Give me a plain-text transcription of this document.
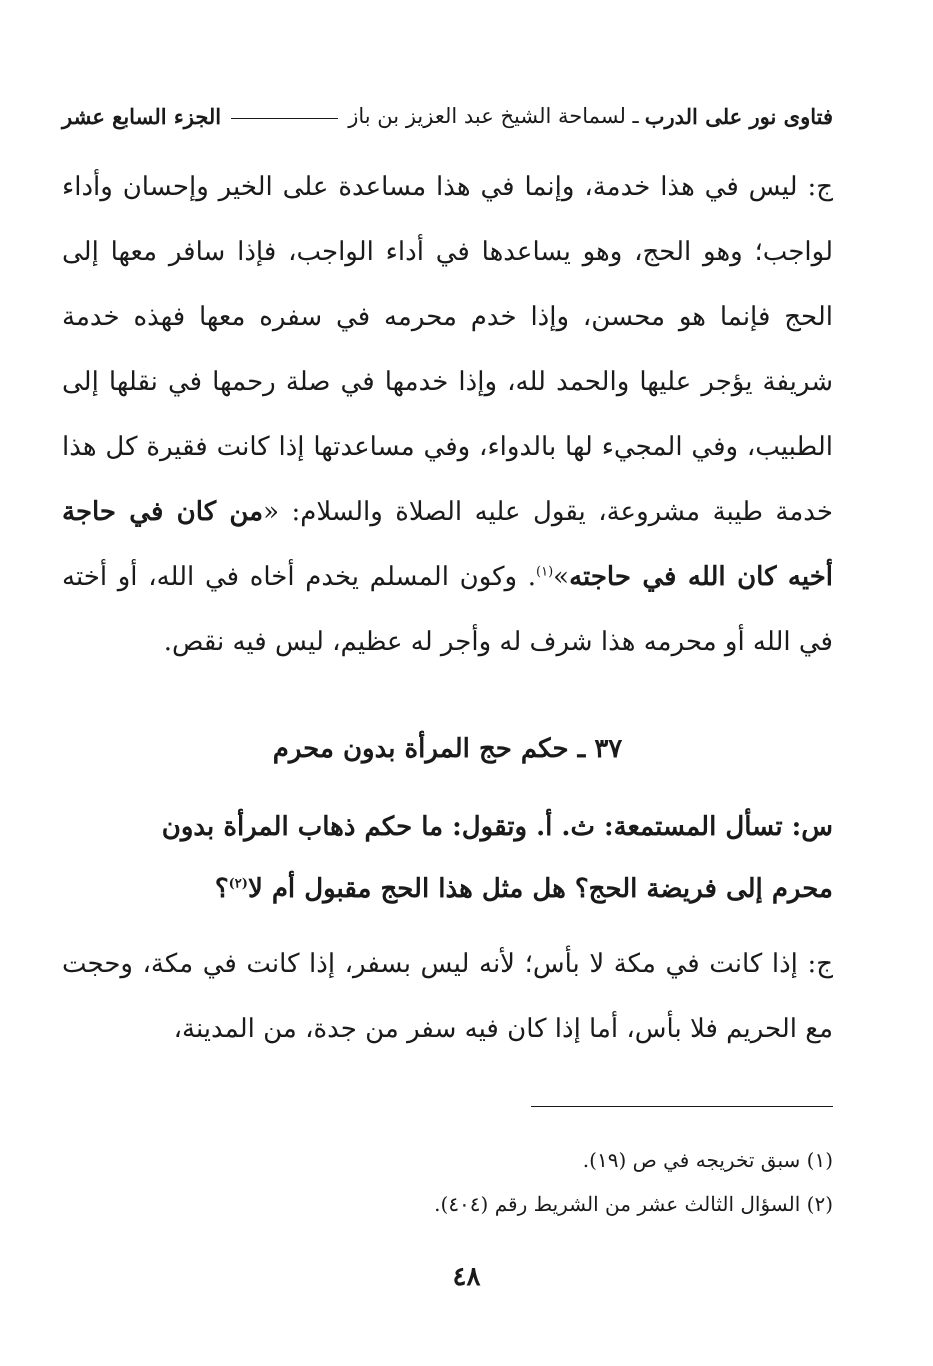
فتاوى نور على الدرب
ـ لسماحة الشيخ عبد العزيز بن باز
الجزء السابع عشر

ج: ليس في هذا خدمة، وإنما في هذا مساعدة على الخير وإحسان وأداء لواجب؛ وهو الحج، وهو يساعدها في أداء الواجب، فإذا سافر معها إلى الحج فإنما هو محسن، وإذا خدم محرمه في سفره معها فهذه خدمة شريفة يؤجر عليها والحمد لله، وإذا خدمها في صلة رحمها في نقلها إلى الطبيب، وفي المجيء لها بالدواء، وفي مساعدتها إذا كانت فقيرة كل هذا خدمة طيبة مشروعة، يقول عليه الصلاة والسلام: «من كان في حاجة أخيه كان الله في حاجته»$^{(١)}$. وكون المسلم يخدم أخاه في الله، أو أخته في الله أو محرمه هذا شرف له وأجر له عظيم، ليس فيه نقص.

٣٧ ـ حكم حج المرأة بدون محرم

س: تسأل المستمعة: ث. أ. وتقول: ما حكم ذهاب المرأة بدون
محرم إلى فريضة الحج؟ هل مثل هذا الحج مقبول أم لا$^{(٢)}$؟

ج: إذا كانت في مكة لا بأس؛ لأنه ليس بسفر، إذا كانت في مكة، وحجت مع الحريم فلا بأس، أما إذا كان فيه سفر من جدة، من المدينة،

(١) سبق تخريجه في ص (١٩).
(٢) السؤال الثالث عشر من الشريط رقم (٤٠٤).
٤٨
